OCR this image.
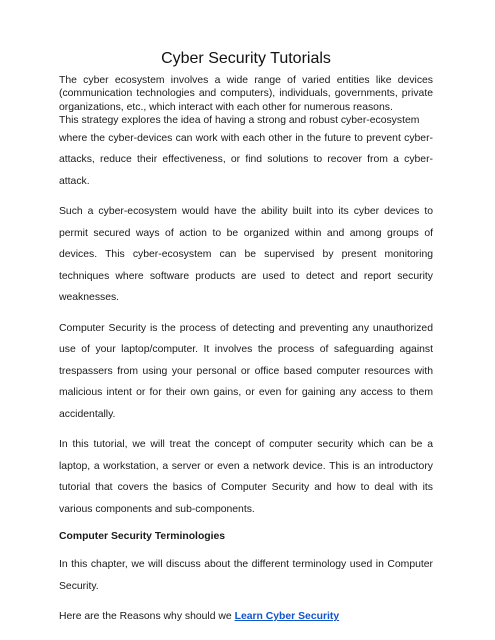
Cyber Security Tutorials

The cyber ecosystem involves a wide range of varied entities like devices (communication technologies and computers), individuals, governments, private organizations, etc., which interact with each other for numerous reasons.

This strategy explores the idea of having a strong and robust cyber-ecosystem

where the cyber-devices can work with each other in the future to prevent cyber-attacks, reduce their effectiveness, or find solutions to recover from a cyber-attack.

Such a cyber-ecosystem would have the ability built into its cyber devices to permit secured ways of action to be organized within and among groups of devices. This cyber-ecosystem can be supervised by present monitoring techniques where software products are used to detect and report security weaknesses.

Computer Security is the process of detecting and preventing any unauthorized use of your laptop/computer. It involves the process of safeguarding against trespassers from using your personal or office based computer resources with malicious intent or for their own gains, or even for gaining any access to them accidentally.

In this tutorial, we will treat the concept of computer security which can be a laptop, a workstation, a server or even a network device. This is an introductory tutorial that covers the basics of Computer Security and how to deal with its various components and sub-components.

Computer Security Terminologies

In this chapter, we will discuss about the different terminology used in Computer Security.

Here are the Reasons why should we Learn Cyber Security
